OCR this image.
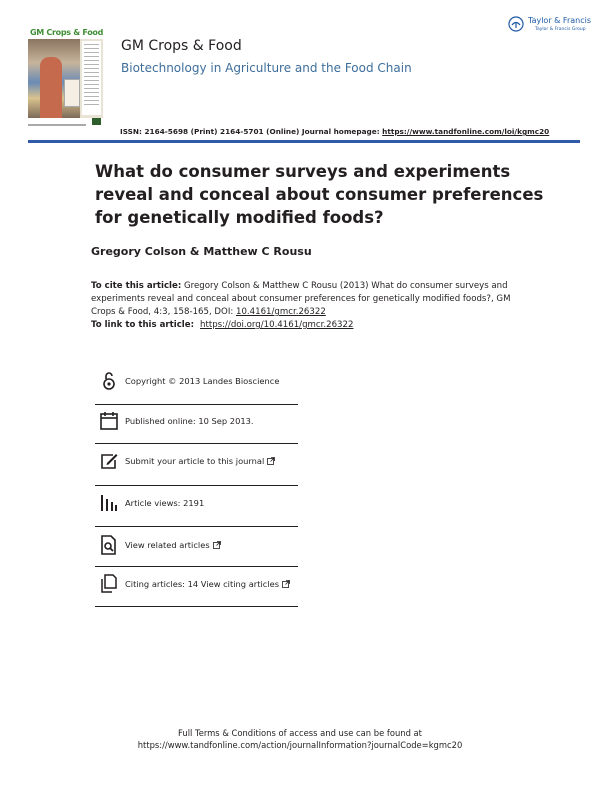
GM Crops & Food
GM Crops & Food
Biotechnology in Agriculture and the Food Chain
Taylor & Francis
Taylor & Francis Group
ISSN: 2164-5698 (Print) 2164-5701 (Online) Journal homepage: https://www.tandfonline.com/loi/kgmc20
What do consumer surveys and experiments reveal and conceal about consumer preferences for genetically modified foods?
Gregory Colson & Matthew C Rousu
To cite this article: Gregory Colson & Matthew C Rousu (2013) What do consumer surveys and experiments reveal and conceal about consumer preferences for genetically modified foods?, GM Crops & Food, 4:3, 158-165, DOI: 10.4161/gmcr.26322
To link to this article: https://doi.org/10.4161/gmcr.26322
Copyright © 2013 Landes Bioscience
Published online: 10 Sep 2013.
Submit your article to this journal
Article views: 2191
View related articles
Citing articles: 14 View citing articles
Full Terms & Conditions of access and use can be found at
https://www.tandfonline.com/action/journalInformation?journalCode=kgmc20
